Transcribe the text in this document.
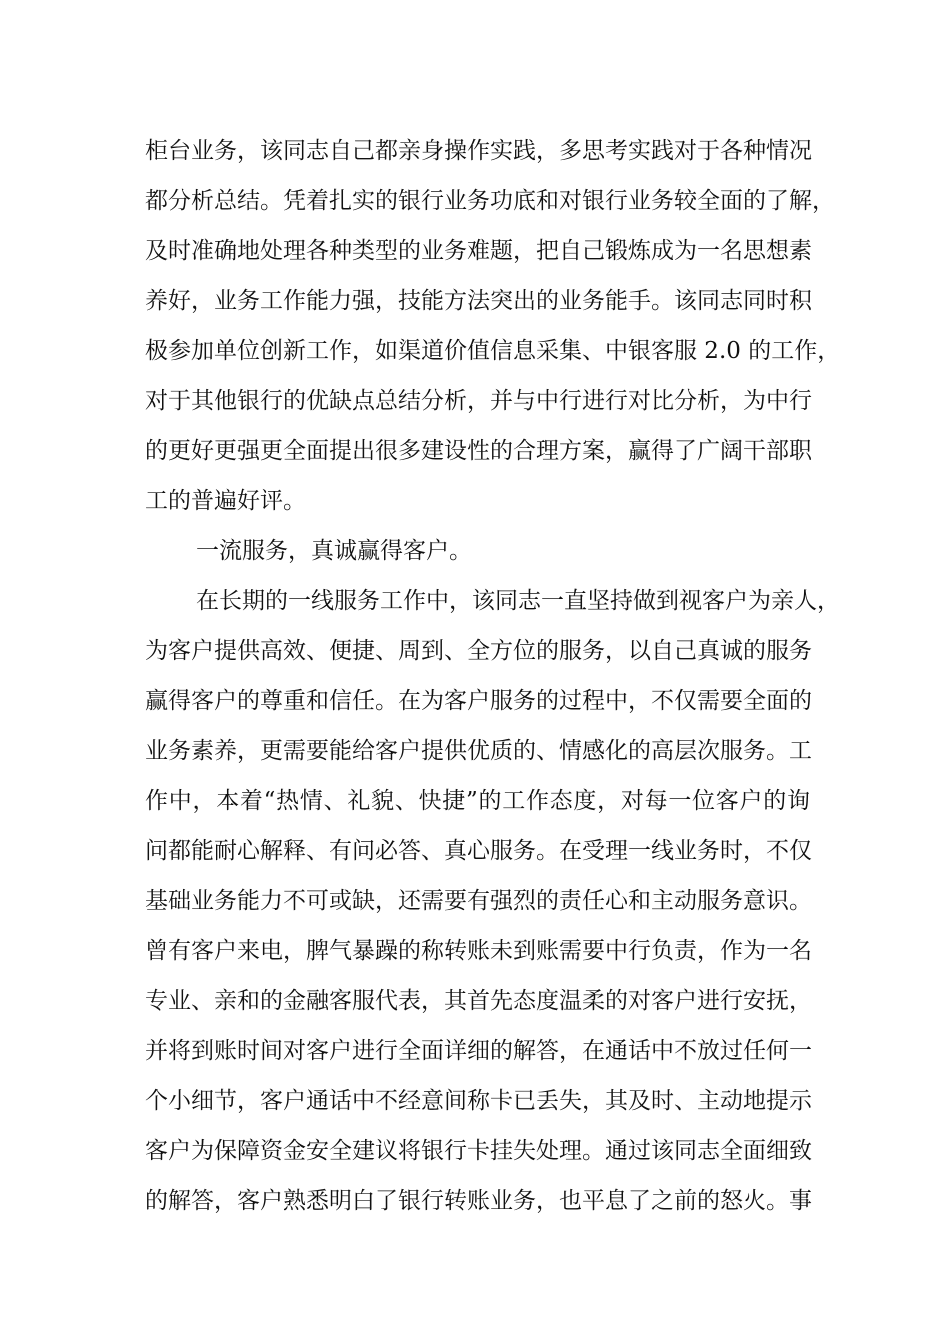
柜台业务，该同志自己都亲身操作实践，多思考实践对于各种情况
都分析总结。凭着扎实的银行业务功底和对银行业务较全面的了解，
及时准确地处理各种类型的业务难题，把自己锻炼成为一名思想素
养好，业务工作能力强，技能方法突出的业务能手。该同志同时积
极参加单位创新工作，如渠道价值信息采集、中银客服 2.0 的工作，
对于其他银行的优缺点总结分析，并与中行进行对比分析，为中行
的更好更强更全面提出很多建设性的合理方案，赢得了广阔干部职
工的普遍好评。
一流服务，真诚赢得客户。
在长期的一线服务工作中，该同志一直坚持做到视客户为亲人，
为客户提供高效、便捷、周到、全方位的服务，以自己真诚的服务
赢得客户的尊重和信任。在为客户服务的过程中，不仅需要全面的
业务素养，更需要能给客户提供优质的、情感化的高层次服务。工
作中，本着“热情、礼貌、快捷”的工作态度，对每一位客户的询
问都能耐心解释、有问必答、真心服务。在受理一线业务时，不仅
基础业务能力不可或缺，还需要有强烈的责任心和主动服务意识。
曾有客户来电，脾气暴躁的称转账未到账需要中行负责，作为一名
专业、亲和的金融客服代表，其首先态度温柔的对客户进行安抚，
并将到账时间对客户进行全面详细的解答，在通话中不放过任何一
个小细节，客户通话中不经意间称卡已丢失，其及时、主动地提示
客户为保障资金安全建议将银行卡挂失处理。通过该同志全面细致
的解答，客户熟悉明白了银行转账业务，也平息了之前的怒火。事
